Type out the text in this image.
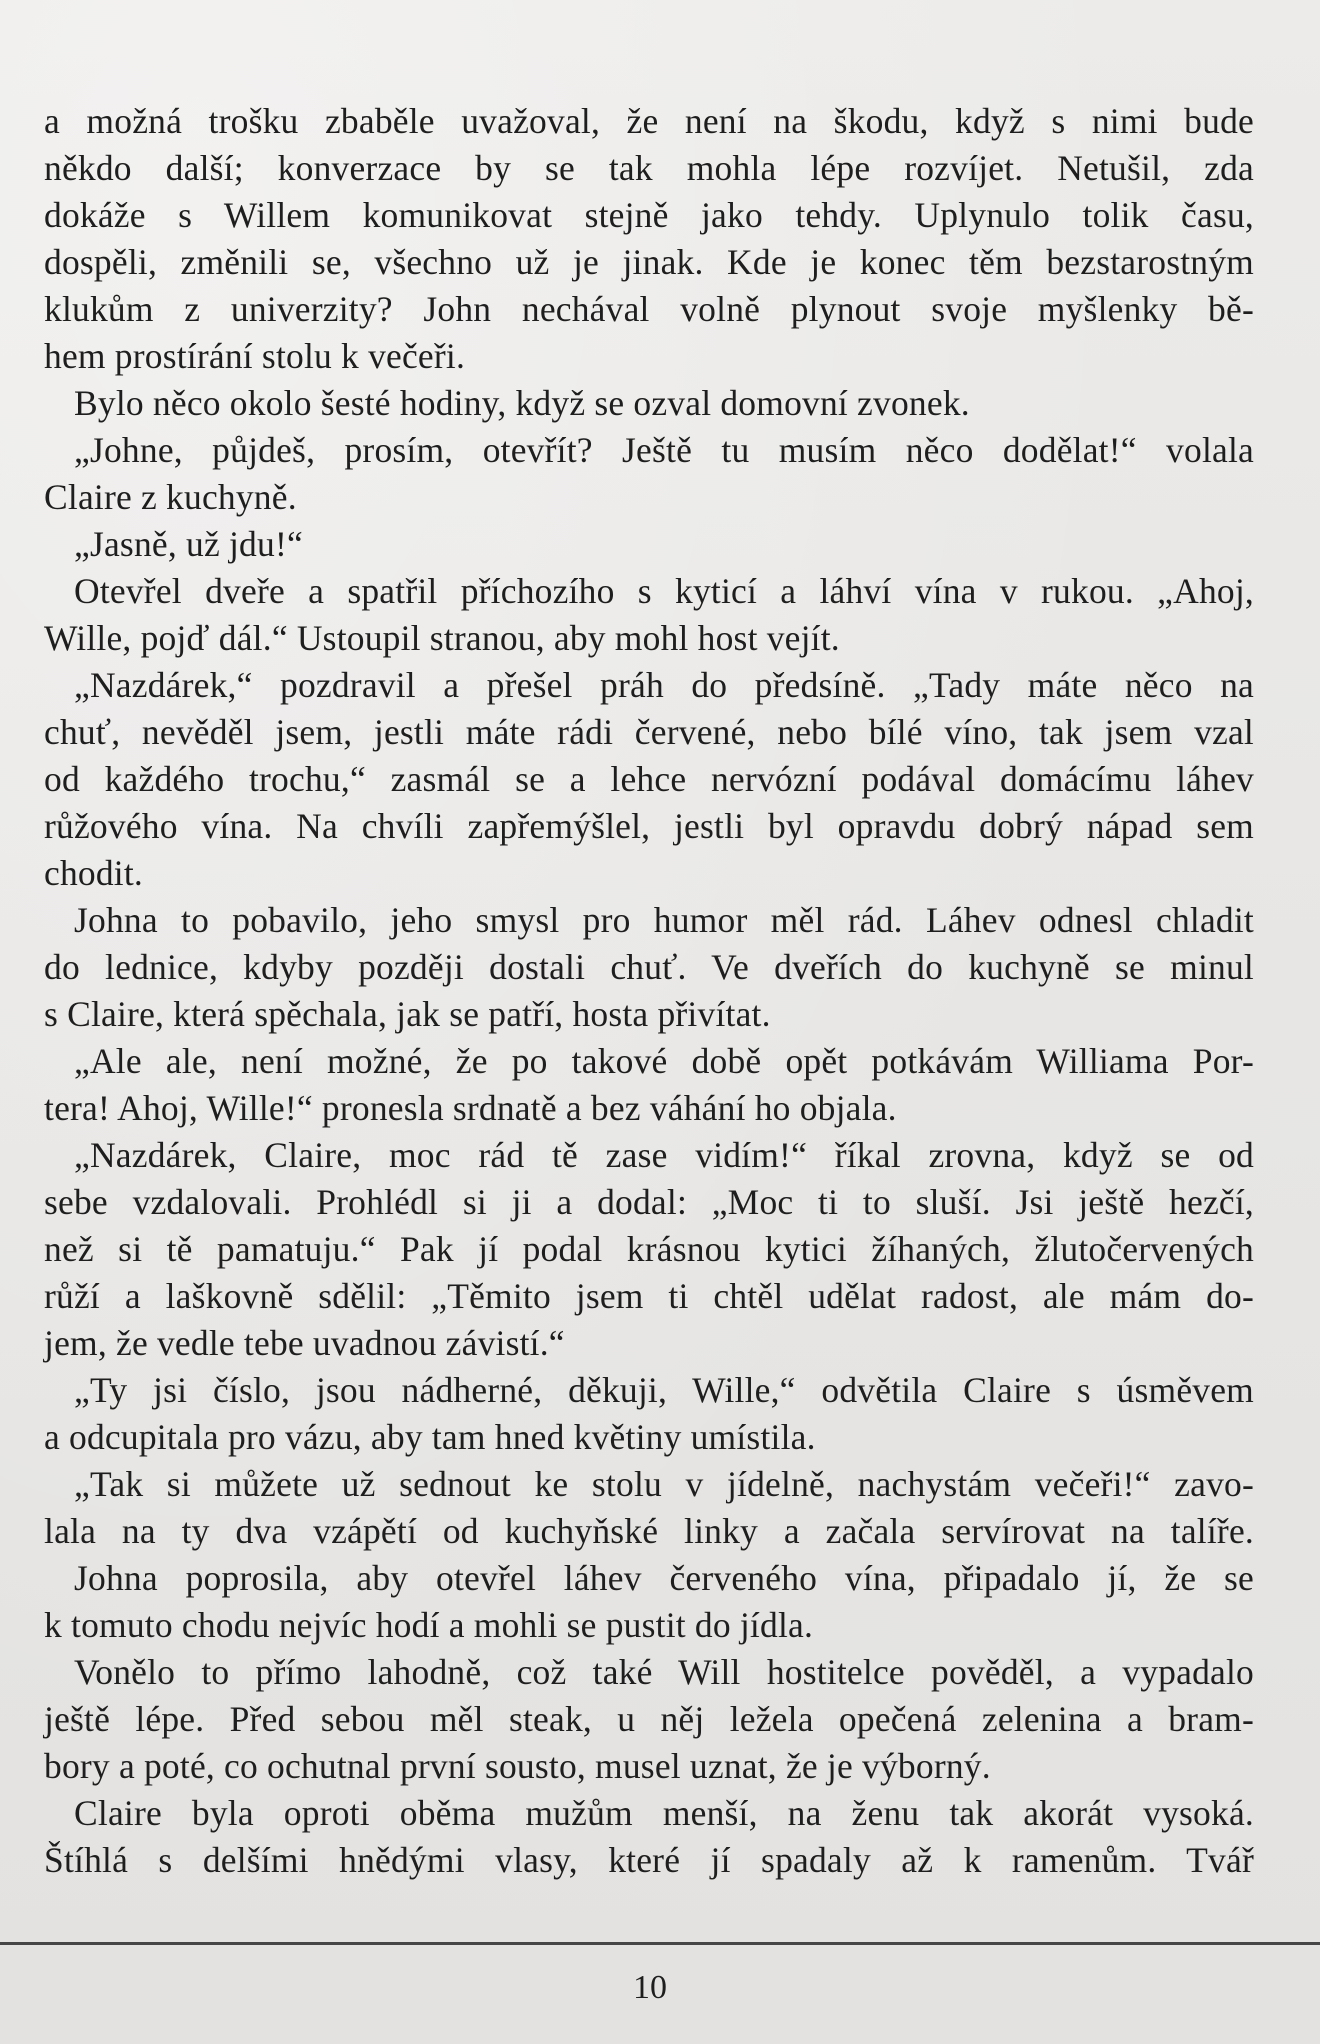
a možná trošku zbaběle uvažoval, že není na škodu, když s nimi bude
někdo další; konverzace by se tak mohla lépe rozvíjet. Netušil, zda
dokáže s Willem komunikovat stejně jako tehdy. Uplynulo tolik času,
dospěli, změnili se, všechno už je jinak. Kde je konec těm bezstarostným
klukům z univerzity? John nechával volně plynout svoje myšlenky bě-
hem prostírání stolu k večeři.
Bylo něco okolo šesté hodiny, když se ozval domovní zvonek.
„Johne, půjdeš, prosím, otevřít? Ještě tu musím něco dodělat!“ volala
Claire z kuchyně.
„Jasně, už jdu!“
Otevřel dveře a spatřil příchozího s kyticí a láhví vína v rukou. „Ahoj,
Wille, pojď dál.“ Ustoupil stranou, aby mohl host vejít.
„Nazdárek,“ pozdravil a přešel práh do předsíně. „Tady máte něco na
chuť, nevěděl jsem, jestli máte rádi červené, nebo bílé víno, tak jsem vzal
od každého trochu,“ zasmál se a lehce nervózní podával domácímu láhev
růžového vína. Na chvíli zapřemýšlel, jestli byl opravdu dobrý nápad sem
chodit.
Johna to pobavilo, jeho smysl pro humor měl rád. Láhev odnesl chladit
do lednice, kdyby později dostali chuť. Ve dveřích do kuchyně se minul
s Claire, která spěchala, jak se patří, hosta přivítat.
„Ale ale, není možné, že po takové době opět potkávám Williama Por-
tera! Ahoj, Wille!“ pronesla srdnatě a bez váhání ho objala.
„Nazdárek, Claire, moc rád tě zase vidím!“ říkal zrovna, když se od
sebe vzdalovali. Prohlédl si ji a dodal: „Moc ti to sluší. Jsi ještě hezčí,
než si tě pamatuju.“ Pak jí podal krásnou kytici žíhaných, žlutočervených
růží a laškovně sdělil: „Těmito jsem ti chtěl udělat radost, ale mám do-
jem, že vedle tebe uvadnou závistí.“
„Ty jsi číslo, jsou nádherné, děkuji, Wille,“ odvětila Claire s úsměvem
a odcupitala pro vázu, aby tam hned květiny umístila.
„Tak si můžete už sednout ke stolu v jídelně, nachystám večeři!“ zavo-
lala na ty dva vzápětí od kuchyňské linky a začala servírovat na talíře.
Johna poprosila, aby otevřel láhev červeného vína, připadalo jí, že se
k tomuto chodu nejvíc hodí a mohli se pustit do jídla.
Vonělo to přímo lahodně, což také Will hostitelce pověděl, a vypadalo
ještě lépe. Před sebou měl steak, u něj ležela opečená zelenina a bram-
bory a poté, co ochutnal první sousto, musel uznat, že je výborný.
Claire byla oproti oběma mužům menší, na ženu tak akorát vysoká.
Štíhlá s delšími hnědými vlasy, které jí spadaly až k ramenům. Tvář
10
